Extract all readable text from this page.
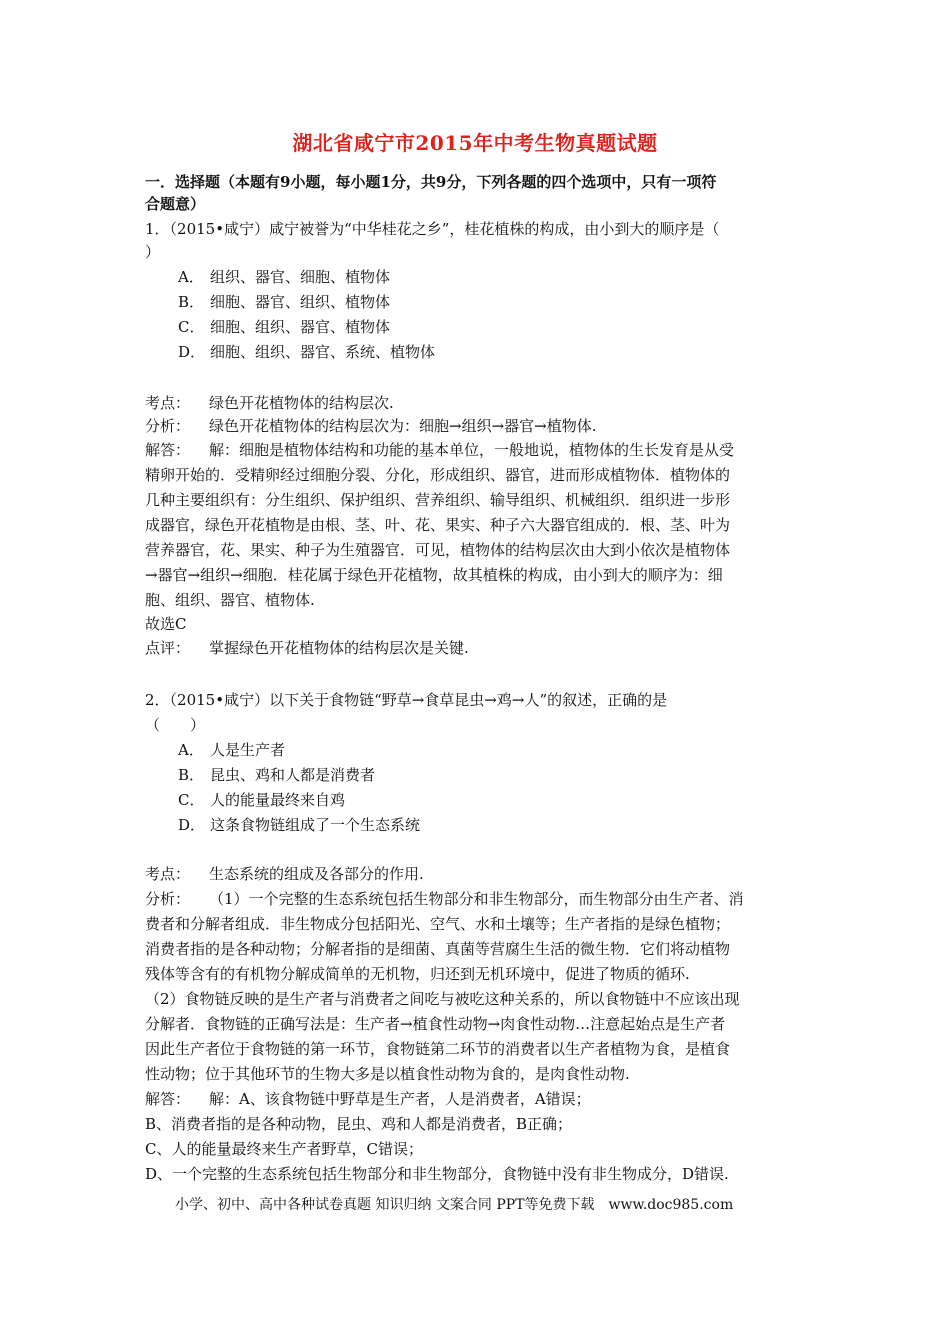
湖北省咸宁市2015年中考生物真题试题
一．选择题（本题有9小题，每小题1分，共9分，下列各题的四个选项中，只有一项符
合题意）
1．（2015•咸宁）咸宁被誉为“中华桂花之乡”，桂花植株的构成，由小到大的顺序是（
）
A． 组织、器官、细胞、植物体
B． 细胞、器官、组织、植物体
C． 细胞、组织、器官、植物体
D． 细胞、组织、器官、系统、植物体
考点： 绿色开花植物体的结构层次.
分析： 绿色开花植物体的结构层次为：细胞→组织→器官→植物体.
解答： 解：细胞是植物体结构和功能的基本单位，一般地说，植物体的生长发育是从受
精卵开始的．受精卵经过细胞分裂、分化，形成组织、器官，进而形成植物体．植物体的
几种主要组织有：分生组织、保护组织、营养组织、输导组织、机械组织．组织进一步形
成器官，绿色开花植物是由根、茎、叶、花、果实、种子六大器官组成的．根、茎、叶为
营养器官，花、果实、种子为生殖器官．可见，植物体的结构层次由大到小依次是植物体
→器官→组织→细胞．桂花属于绿色开花植物，故其植株的构成，由小到大的顺序为：细
胞、组织、器官、植物体.
故选C
点评： 掌握绿色开花植物体的结构层次是关键.
2．（2015•咸宁）以下关于食物链“野草→食草昆虫→鸡→人”的叙述，正确的是
（　　）
A． 人是生产者
B． 昆虫、鸡和人都是消费者
C． 人的能量最终来自鸡
D． 这条食物链组成了一个生态系统
考点： 生态系统的组成及各部分的作用.
分析： （1）一个完整的生态系统包括生物部分和非生物部分，而生物部分由生产者、消
费者和分解者组成．非生物成分包括阳光、空气、水和土壤等；生产者指的是绿色植物；
消费者指的是各种动物；分解者指的是细菌、真菌等营腐生生活的微生物．它们将动植物
残体等含有的有机物分解成简单的无机物，归还到无机环境中，促进了物质的循环.
（2）食物链反映的是生产者与消费者之间吃与被吃这种关系的，所以食物链中不应该出现
分解者．食物链的正确写法是：生产者→植食性动物→肉食性动物…注意起始点是生产者
因此生产者位于食物链的第一环节，食物链第二环节的消费者以生产者植物为食，是植食
性动物；位于其他环节的生物大多是以植食性动物为食的，是肉食性动物.
解答： 解：A、该食物链中野草是生产者，人是消费者，A错误；
B、消费者指的是各种动物，昆虫、鸡和人都是消费者，B正确；
C、人的能量最终来生产者野草，C错误；
D、一个完整的生态系统包括生物部分和非生物部分，食物链中没有非生物成分，D错误.
小学、初中、高中各种试卷真题 知识归纳 文案合同 PPT等免费下载　www.doc985.com
